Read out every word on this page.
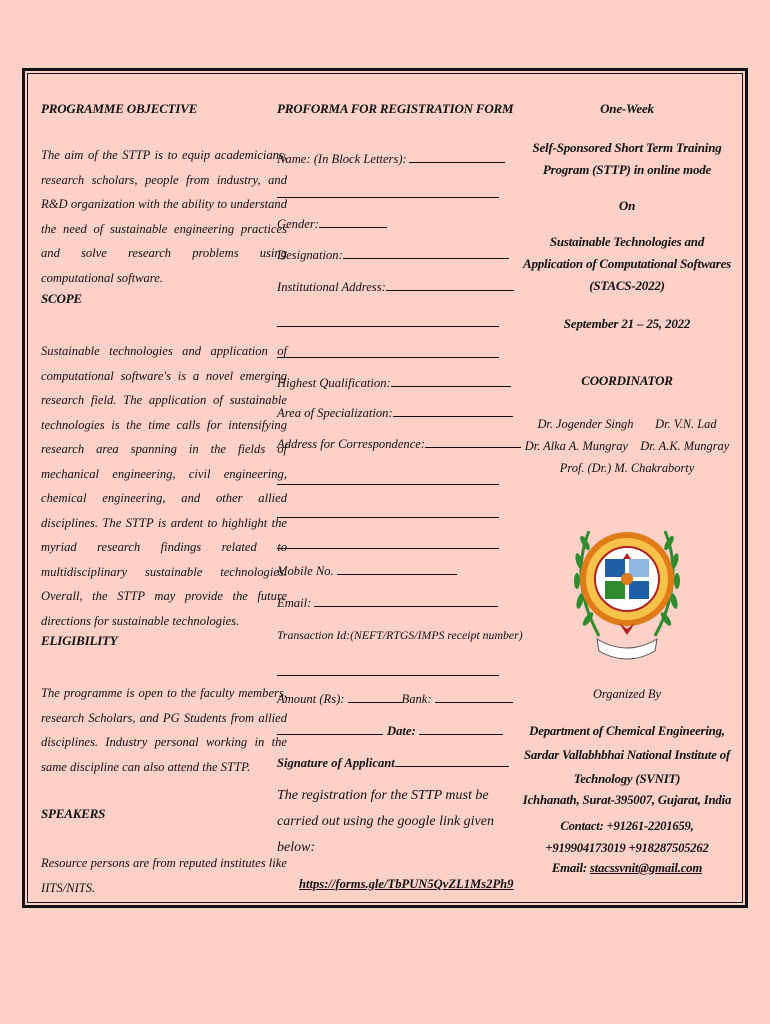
PROGRAMME OBJECTIVE

The aim of the STTP is to equip academicians, research scholars, people from industry, and R&D organization with the ability to understand the need of sustainable engineering practices and solve research problems using computational software.

SCOPE

Sustainable technologies and application of computational software's is a novel emerging research field. The application of sustainable technologies is the time calls for intensifying research area spanning in the fields of mechanical engineering, civil engineering, chemical engineering, and other allied disciplines. The STTP is ardent to highlight the myriad research findings related to multidisciplinary sustainable technologies. Overall, the STTP may provide the future directions for sustainable technologies.

ELIGIBILITY

The programme is open to the faculty members, research Scholars, and PG Students from allied disciplines. Industry personal working in the same discipline can also attend the STTP.

SPEAKERS

Resource persons are from reputed institutes like IITS/NITS.

PROFORMA FOR REGISTRATION FORM
Name: (In Block Letters):
Gender:
Designation:
Institutional Address:
Highest Qualification:
Area of Specialization:
Address for Correspondence:
Mobile No.
Email:
Transaction Id:(NEFT/RTGS/IMPS receipt number)
Amount (Rs):	Bank:
Date:
Signature of Applicant

The registration for the STTP must be carried out using the google link given below:

https://forms.gle/TbPUN5QvZL1Ms2Ph9
One-Week
Self-Sponsored Short Term Training Program (STTP) in online mode
On
Sustainable Technologies and Application of Computational Softwares (STACS-2022)
September 21 – 25, 2022
COORDINATOR
Dr. Jogender Singh       Dr. V.N. Lad
Dr. Alka A. Mungray    Dr. A.K. Mungray
Prof. (Dr.) M. Chakraborty
Organized By
Department of Chemical Engineering, Sardar Vallabhbhai National Institute of Technology (SVNIT)
Ichhanath, Surat-395007, Gujarat, India
Contact: +91261-2201659, +919904173019 +918287505262
Email: stacssvnit@gmail.com
